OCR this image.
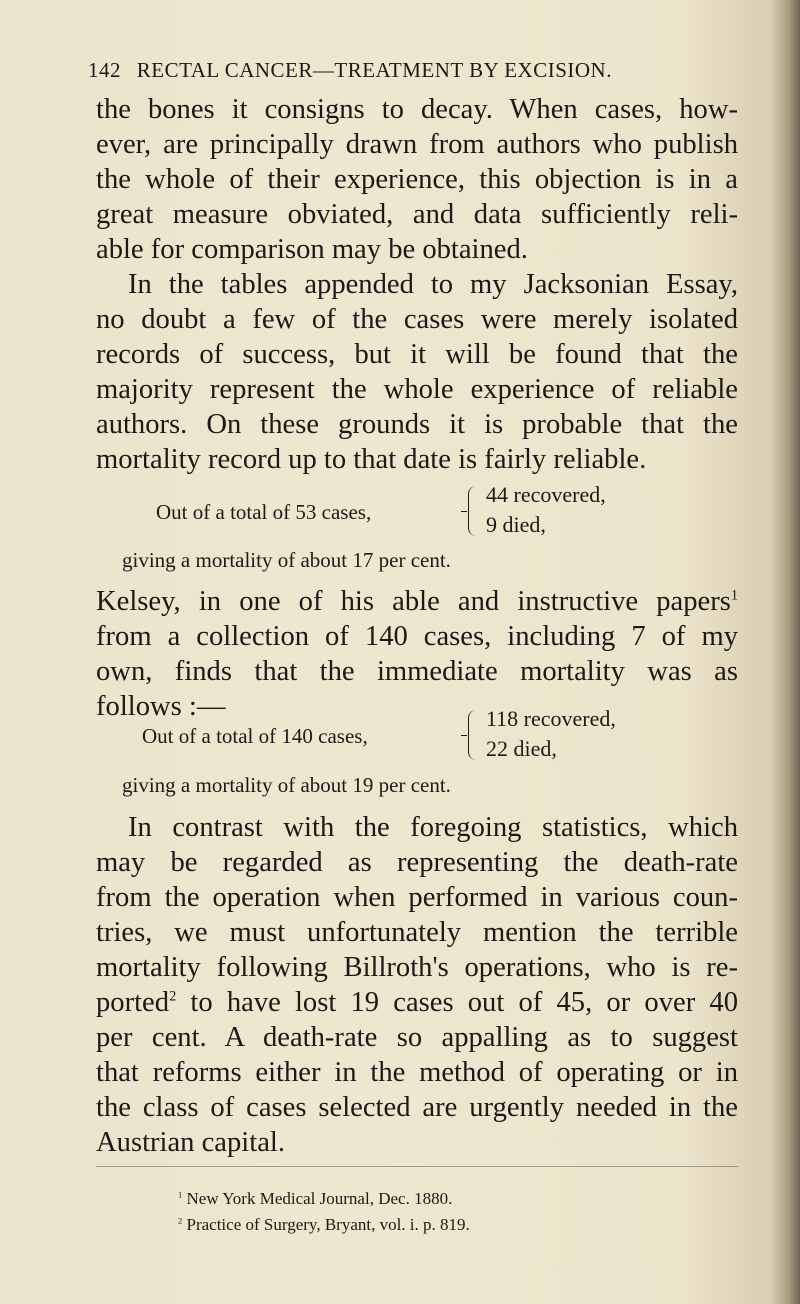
142 RECTAL CANCER—TREATMENT BY EXCISION.
the bones it consigns to decay. When cases, how-
ever, are principally drawn from authors who publish
the whole of their experience, this objection is in a
great measure obviated, and data sufficiently reli-
able for comparison may be obtained.
In the tables appended to my Jacksonian Essay,
no doubt a few of the cases were merely isolated
records of success, but it will be found that the
majority represent the whole experience of reliable
authors. On these grounds it is probable that the
mortality record up to that date is fairly reliable.
Out of a total of 53 cases,
44 recovered,
9 died,
giving a mortality of about 17 per cent.
Kelsey, in one of his able and instructive papers$^1$
from a collection of 140 cases, including 7 of my
own, finds that the immediate mortality was as
follows :—
Out of a total of 140 cases,
118 recovered,
22 died,
giving a mortality of about 19 per cent.
In contrast with the foregoing statistics, which
may be regarded as representing the death-rate
from the operation when performed in various coun-
tries, we must unfortunately mention the terrible
mortality following Billroth's operations, who is re-
ported$^2$ to have lost 19 cases out of 45, or over 40
per cent. A death-rate so appalling as to suggest
that reforms either in the method of operating or in
the class of cases selected are urgently needed in the
Austrian capital.
$^1$ New York Medical Journal, Dec. 1880.
$^2$ Practice of Surgery, Bryant, vol. i. p. 819.
